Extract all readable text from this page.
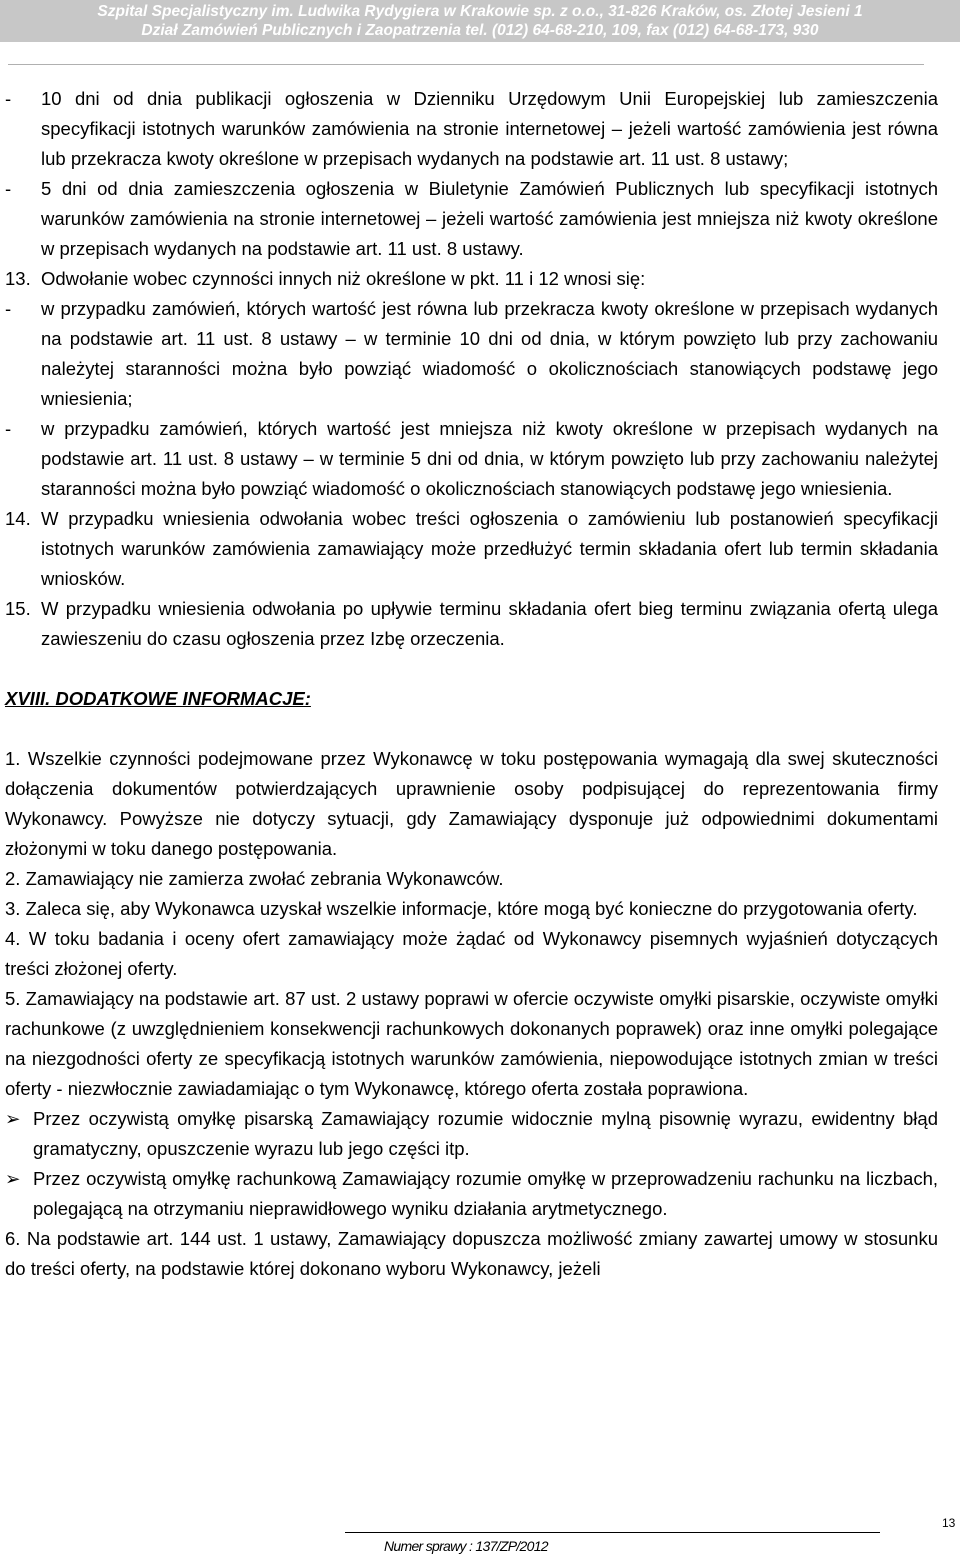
Szpital Specjalistyczny im. Ludwika Rydygiera w Krakowie sp. z o.o., 31-826 Kraków, os. Złotej Jesieni 1
Dział Zamówień Publicznych i Zaopatrzenia tel. (012) 64-68-210, 109, fax (012) 64-68-173, 930

- 10 dni od dnia publikacji ogłoszenia w Dzienniku Urzędowym Unii Europejskiej lub zamieszczenia specyfikacji istotnych warunków zamówienia na stronie internetowej – jeżeli wartość zamówienia jest równa lub przekracza kwoty określone w przepisach wydanych na podstawie art. 11 ust. 8 ustawy;

- 5 dni od dnia zamieszczenia ogłoszenia w Biuletynie Zamówień Publicznych lub specyfikacji istotnych warunków zamówienia na stronie internetowej – jeżeli wartość zamówienia jest mniejsza niż kwoty określone w przepisach wydanych na podstawie art. 11 ust. 8 ustawy.

13. Odwołanie wobec czynności innych niż określone w pkt. 11 i 12 wnosi się:

- w przypadku zamówień, których wartość jest równa lub przekracza kwoty określone w przepisach wydanych na podstawie art. 11 ust. 8 ustawy – w terminie 10 dni od dnia, w którym powzięto lub przy zachowaniu należytej staranności można było powziąć wiadomość o okolicznościach stanowiących podstawę jego wniesienia;

- w przypadku zamówień, których wartość jest mniejsza niż kwoty określone w przepisach wydanych na podstawie art. 11 ust. 8 ustawy – w terminie 5 dni od dnia, w którym powzięto lub przy zachowaniu należytej staranności można było powziąć wiadomość o okolicznościach stanowiących podstawę jego wniesienia.

14. W przypadku wniesienia odwołania wobec treści ogłoszenia o zamówieniu lub postanowień specyfikacji istotnych warunków zamówienia zamawiający może przedłużyć termin składania ofert lub termin składania wniosków.

15. W przypadku wniesienia odwołania po upływie terminu składania ofert bieg terminu związania ofertą ulega zawieszeniu do czasu ogłoszenia przez Izbę orzeczenia.

XVIII. DODATKOWE INFORMACJE:

1. Wszelkie czynności podejmowane przez Wykonawcę w toku postępowania wymagają dla swej skuteczności dołączenia dokumentów potwierdzających uprawnienie osoby podpisującej do reprezentowania firmy Wykonawcy. Powyższe nie dotyczy sytuacji, gdy Zamawiający dysponuje już odpowiednimi dokumentami złożonymi w toku danego postępowania.

2. Zamawiający nie zamierza zwołać zebrania Wykonawców.

3. Zaleca się, aby Wykonawca uzyskał wszelkie informacje, które mogą być konieczne do przygotowania oferty.

4. W toku badania i oceny ofert zamawiający może żądać od Wykonawcy pisemnych wyjaśnień dotyczących treści złożonej oferty.

5. Zamawiający na podstawie art. 87 ust. 2 ustawy poprawi w ofercie oczywiste omyłki pisarskie, oczywiste omyłki rachunkowe (z uwzględnieniem konsekwencji rachunkowych dokonanych poprawek) oraz inne omyłki polegające na niezgodności oferty ze specyfikacją istotnych warunków zamówienia, niepowodujące istotnych zmian w treści oferty - niezwłocznie zawiadamiając o tym Wykonawcę, którego oferta została poprawiona.

➢ Przez oczywistą omyłkę pisarską Zamawiający rozumie widocznie mylną pisownię wyrazu, ewidentny błąd gramatyczny, opuszczenie wyrazu lub jego części itp.

➢ Przez oczywistą omyłkę rachunkową Zamawiający rozumie omyłkę w przeprowadzeniu rachunku na liczbach, polegającą na otrzymaniu nieprawidłowego wyniku działania arytmetycznego.

6. Na podstawie art. 144 ust. 1 ustawy, Zamawiający dopuszcza możliwość zmiany zawartej umowy w stosunku do treści oferty, na podstawie której dokonano wyboru Wykonawcy, jeżeli

13
Numer sprawy : 137/ZP/2012
